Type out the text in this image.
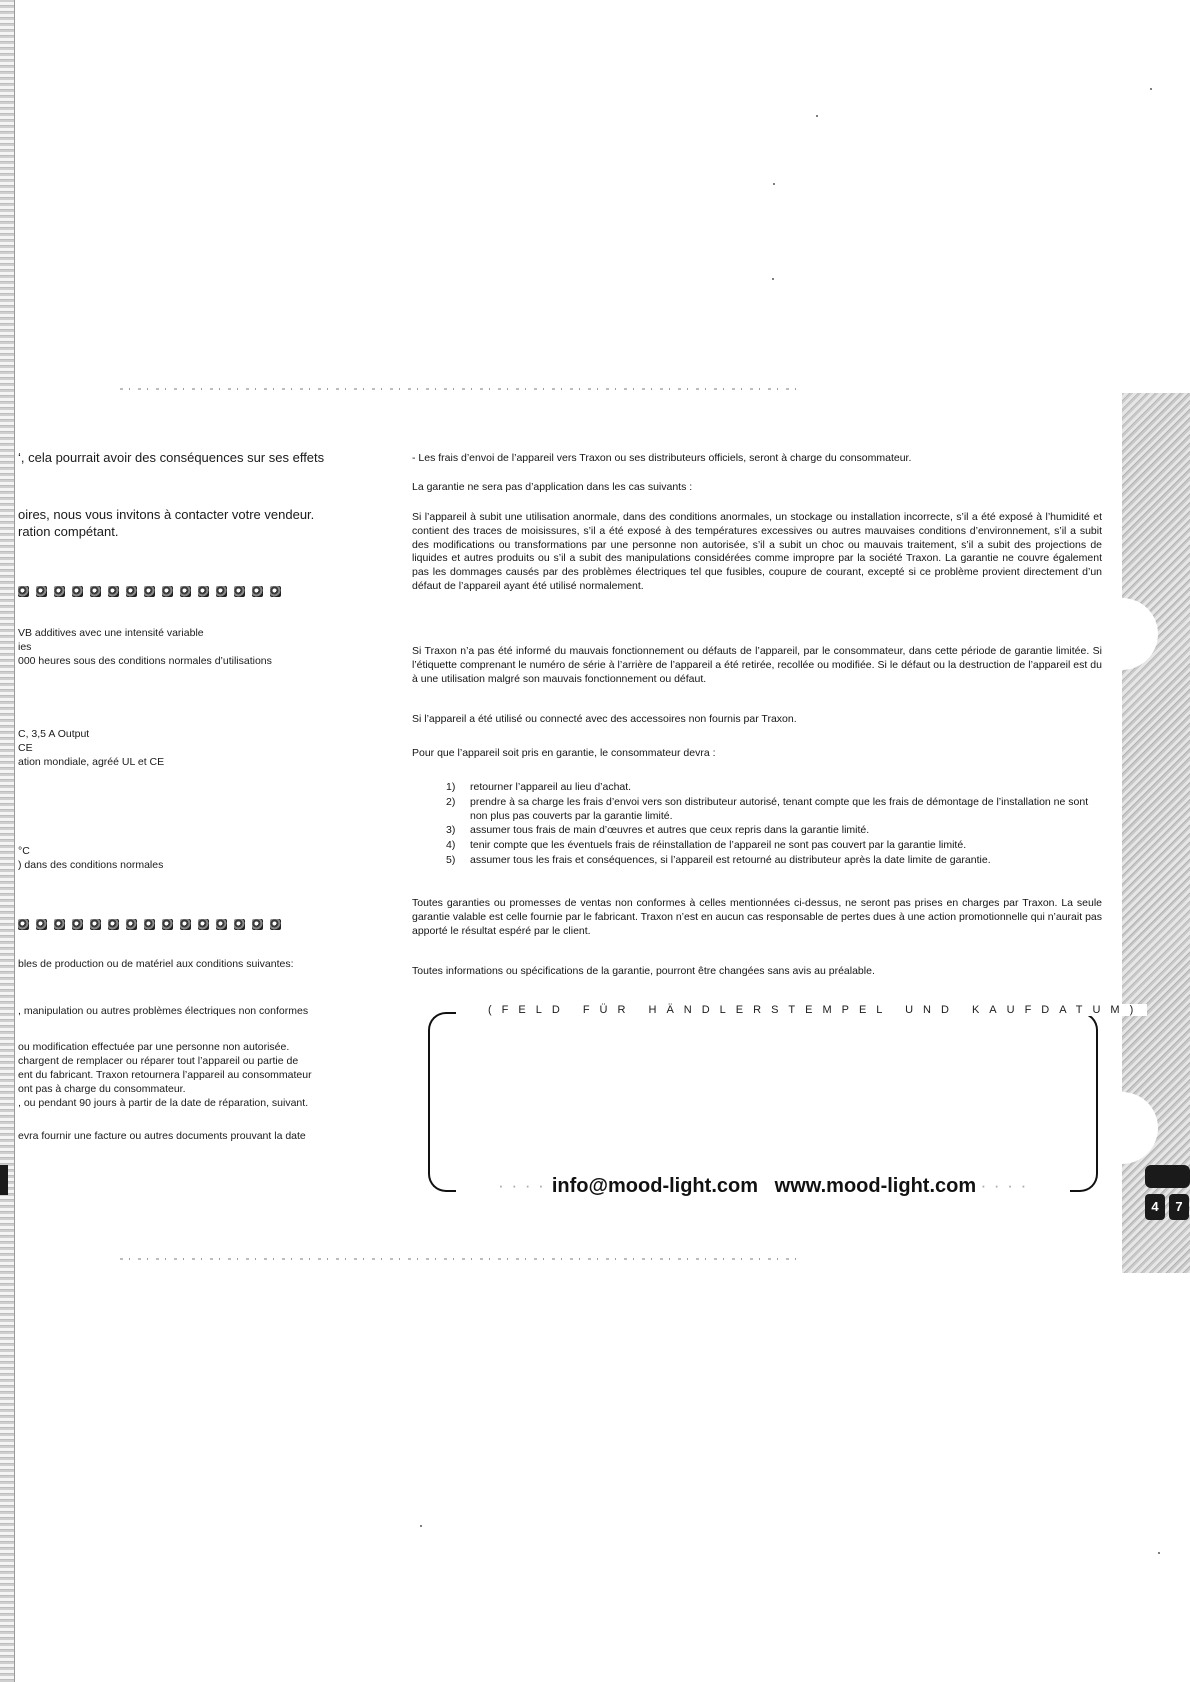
4	7
‘, cela pourrait avoir des conséquences sur ses effets
oires, nous vous invitons à contacter votre vendeur.
ration compétant.
VB additives avec une intensité variable
ies
000 heures sous des conditions normales d’utilisations
C, 3,5 A Output
CE
ation mondiale, agréé UL et CE
°C
) dans des conditions normales
bles de production ou de matériel aux conditions suivantes:
, manipulation ou autres problèmes électriques non conformes
ou modification effectuée par une personne non autorisée.
chargent de remplacer ou réparer tout l’appareil ou partie de
ent du fabricant. Traxon retournera l’appareil au consommateur
ont pas à charge du consommateur.
, ou pendant 90 jours à partir de la date de réparation, suivant.
evra fournir une facture ou autres documents prouvant la date

- Les frais d’envoi de l’appareil vers Traxon ou ses distributeurs officiels, seront à charge du consommateur.

La garantie ne sera pas d’application dans les cas suivants :

Si l’appareil à subit une utilisation anormale, dans des conditions anormales, un stockage ou installation incorrecte, s’il a été exposé à l’humidité et contient des traces de moisissures, s’il a été exposé à des températures excessives ou autres mauvaises conditions d’environnement, s’il a subit des modifications ou transformations par une personne non autorisée, s’il a subit un choc ou mauvais traitement, s’il a subit des projections de liquides et autres produits ou s’il a subit des manipulations considérées comme impropre par la société Traxon. La garantie ne couvre également pas les dommages causés par des problèmes électriques tel que fusibles, coupure de courant, excepté si ce problème provient directement d’un défaut de l’appareil ayant été utilisé normalement.

Si Traxon n’a pas été informé du mauvais fonctionnement ou défauts de l’appareil, par le consommateur, dans cette période de garantie limitée. Si l’étiquette comprenant le numéro de série à l’arrière de l’appareil a été retirée, recollée ou modifiée. Si le défaut ou la destruction de l’appareil est du à une utilisation malgré son mauvais fonctionnement ou défaut.

Si l’appareil a été utilisé ou connecté avec des accessoires non fournis par Traxon.

Pour que l’appareil soit pris en garantie, le consommateur devra :

1) retourner l’appareil au lieu d’achat.
2) prendre à sa charge les frais d’envoi vers son distributeur autorisé, tenant compte que les frais de démontage de l’installation ne sont non plus pas couverts par la garantie limité.
3) assumer tous frais de main d’œuvres et autres que ceux repris dans la garantie limité.
4) tenir compte que les éventuels frais de réinstallation de l’appareil ne sont pas couvert par la garantie limité.
5) assumer tous les frais et conséquences, si l’appareil est retourné au distributeur après la date limite de garantie.

Toutes garanties ou promesses de ventas non conformes à celles mentionnées ci-dessus, ne seront pas prises en charges par Traxon. La seule garantie valable est celle fournie par le fabricant. Traxon n’est en aucun cas responsable de pertes dues à une action promotionnelle qui n’aurait pas apporté le résultat espéré par le client.

Toutes informations ou spécifications de la garantie, pourront être changées sans avis au préalable.

(FELD FÜR HÄNDLERSTEMPEL UND KAUFDATUM)
· · · · info@mood-light.com www.mood-light.com · · · ·
